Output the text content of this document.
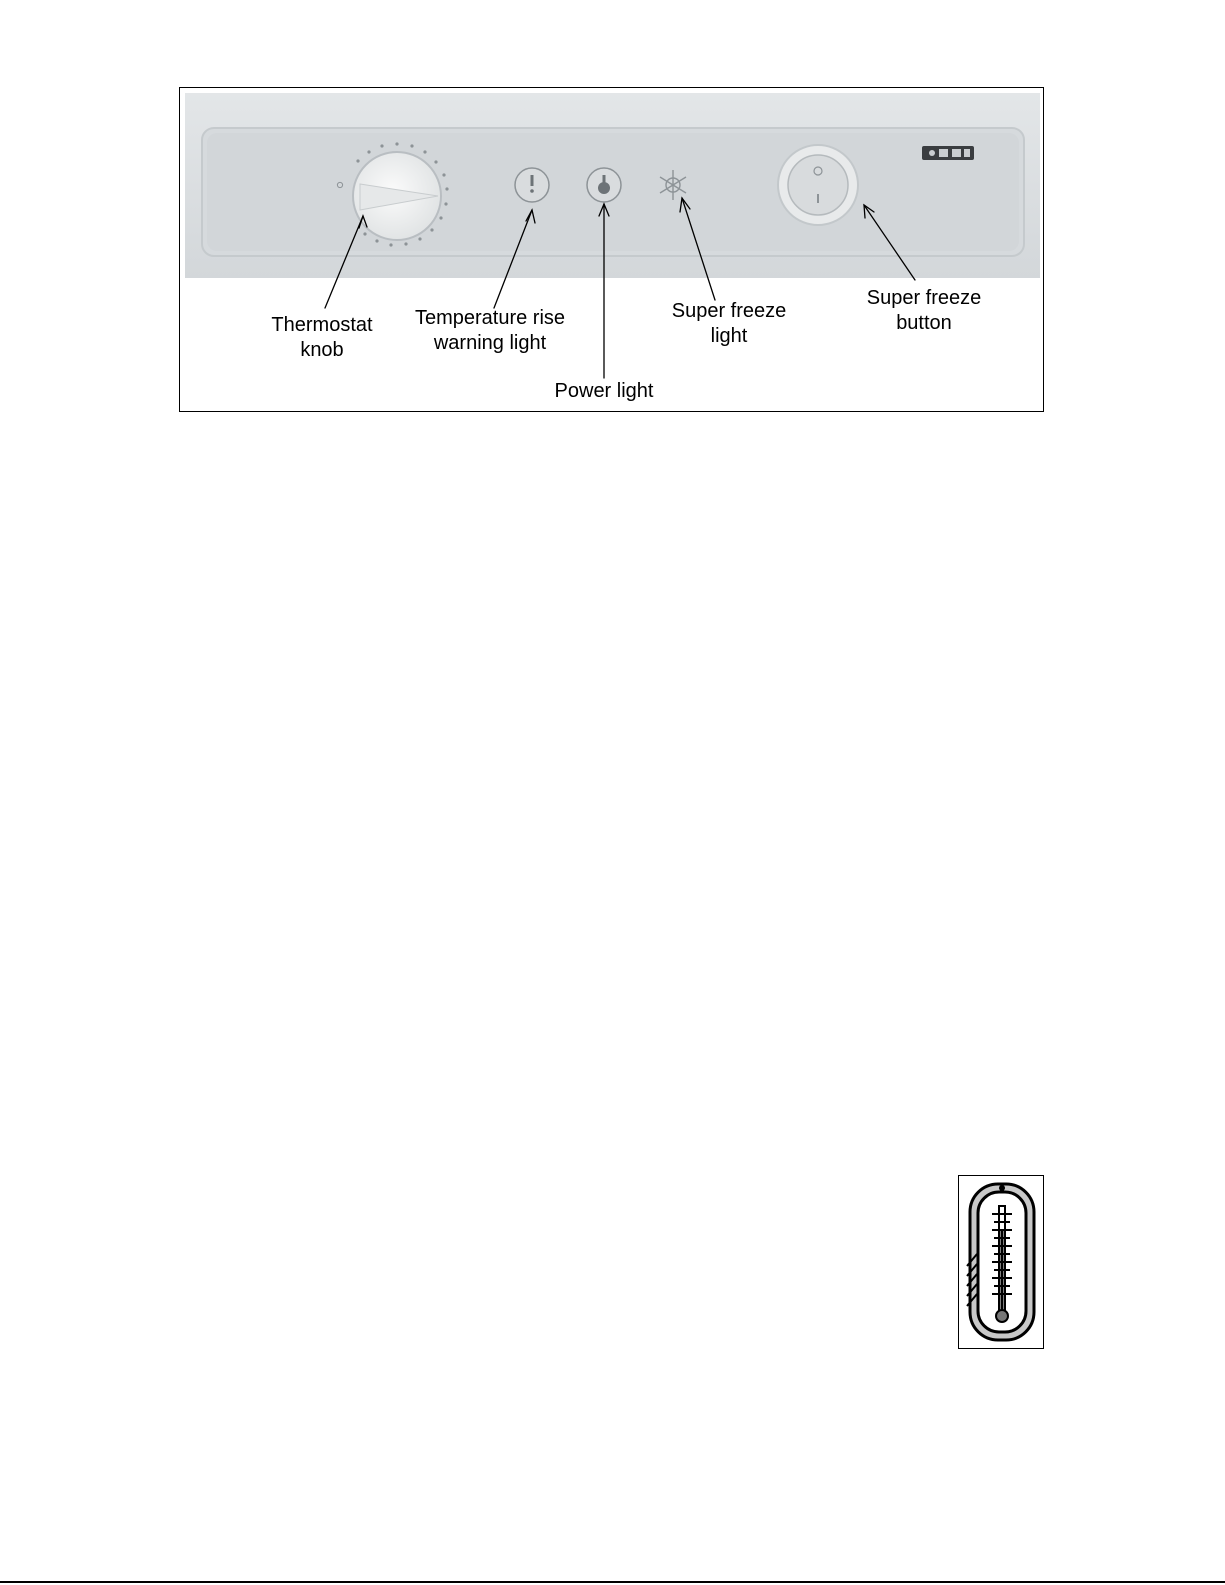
Thermostat
knob
Temperature rise
warning light
Power light
Super freeze
light
Super freeze
button
